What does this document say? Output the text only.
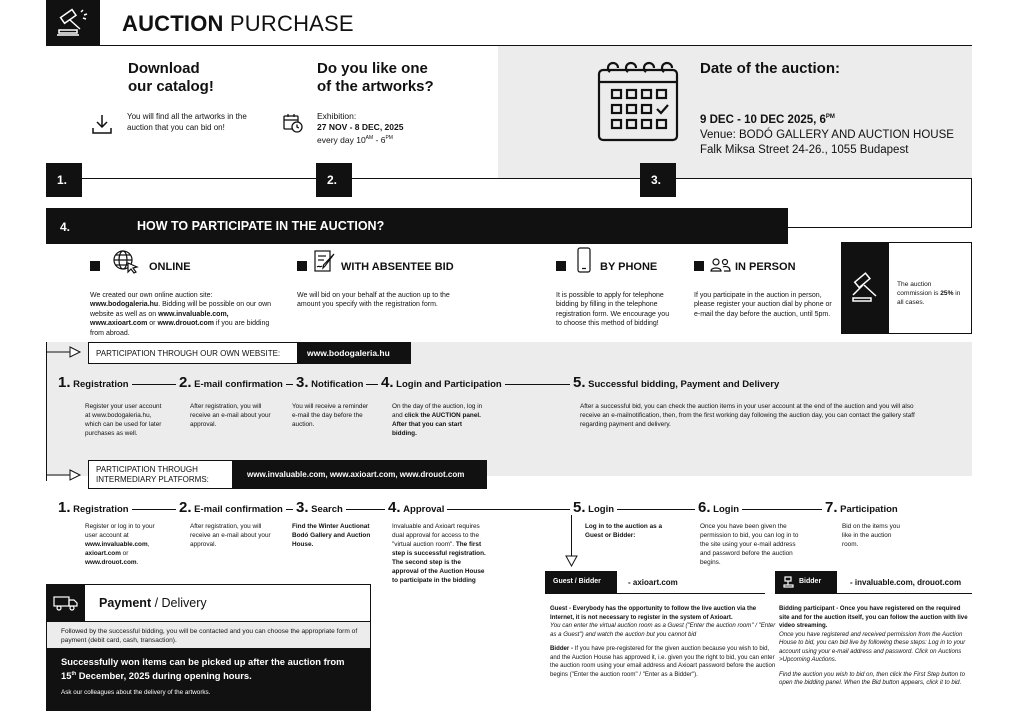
AUCTION PURCHASE
Download
our catalog!
You will find all the artworks in the auction that you can bid on!
Do you like one
of the artworks?
Exhibition:
27 NOV - 8 DEC, 2025
every day $10^{AM} - 6^{PM}$
Date of the auction:
9 DEC - 10 DEC 2025, $6^{PM}$
Venue: BODÓ GALLERY AND AUCTION HOUSE
Falk Miksa Street 24-26., 1055 Budapest
1.	2.	3.
4.	HOW TO PARTICIPATE IN THE AUCTION?
ONLINE	WITH ABSENTEE BID	BY PHONE	IN PERSON
We created our own online auction site:
www.bodogaleria.hu. Bidding will be possible on our own website as well as on www.invaluable.com, www.axioart.com or www.drouot.com if you are bidding from abroad.
We will bid on your behalf at the auction up to the amount you specify with the registration form.
It is possible to apply for telephone bidding by filling in the telephone registration form. We encourage you to choose this method of bidding!
If you participate in the auction in person, please register your auction dial by phone or e-mail the day before the auction, until 5pm.
The auction commission is 25% in all cases.
PARTICIPATION THROUGH OUR OWN WEBSITE:	www.bodogaleria.hu
1. Registration	2. E-mail confirmation 3. Notification 4. Login and Participation	5. Successful bidding, Payment and Delivery
Register your user account at www.bodogaleria.hu, which can be used for later purchases as well.
After registration, you will receive an e-mail about your approval.
You will receive a reminder e-mail the day before the auction.
On the day of the auction, log in and click the AUCTION panel. After that you can start bidding.
After a successful bid, you can check the auction items in your user account at the end of the auction and you will also receive an e-mailnotification, then, from the first working day following the auction day, you can contact the gallery staff regarding payment and delivery.
PARTICIPATION THROUGH
INTERMEDIARY PLATFORMS:
www.invaluable.com, www.axioart.com, www.drouot.com
1. Registration	2. E-mail confirmation 3. Search	4. Approval	5. Login	6. Login	7. Participation
Register or log in to your user account at www.invaluable.com, axioart.com or www.drouot.com.
After registration, you will receive an e-mail about your approval.
Find the Winter Auctionat Bodó Gallery and Auction House.
Invaluable and Axioart requires dual approval for access to the "virtual auction room". The first step is successful registration. The second step is the approval of the Auction House to participate in the bidding
Log in to the auction as a Guest or Bidder:
Once you have been given the permission to bid, you can log in to the site using your e-mail address and password before the auction begins.
Bid on the items you like in the auction room.
Guest / Bidder	- axioart.com
Guest - Everybody has the opportunity to follow the live auction via the Internet, it is not necessary to register in the system of Axioart.
You can enter the virtual auction room as a Guest ("Enter the auction room" / "Enter as a Guest") and watch the auction but you cannot bid
Bidder - If you have pre-registered for the given auction because you wish to bid, and the Auction House has approved it, i.e. given you the right to bid, you can enter the auction room using your email address and Axioart password before the auction begins ("Enter the auction room" / "Enter as a Bidder").
Bidder	- invaluable.com, drouot.com
Bidding participant - Once you have registered on the required site and for the auction itself, you can follow the auction with live video streaming.
Once you have registered and received permission from the Auction House to bid, you can bid live by following these steps: Log in to your account using your e-mail address and password. Click on Auctions >Upcoming Auctions.
Find the auction you wish to bid on, then click the First Step button to open the bidding panel. When the Bid button appears, click it to bid.
Payment / Delivery
Followed by the successful bidding, you will be contacted and you can choose the appropriate form of payment (debit card, cash, transaction).
Successfully won items can be picked up after the auction from
15th December, 2025 during opening hours.
Ask our colleagues about the delivery of the artworks.
